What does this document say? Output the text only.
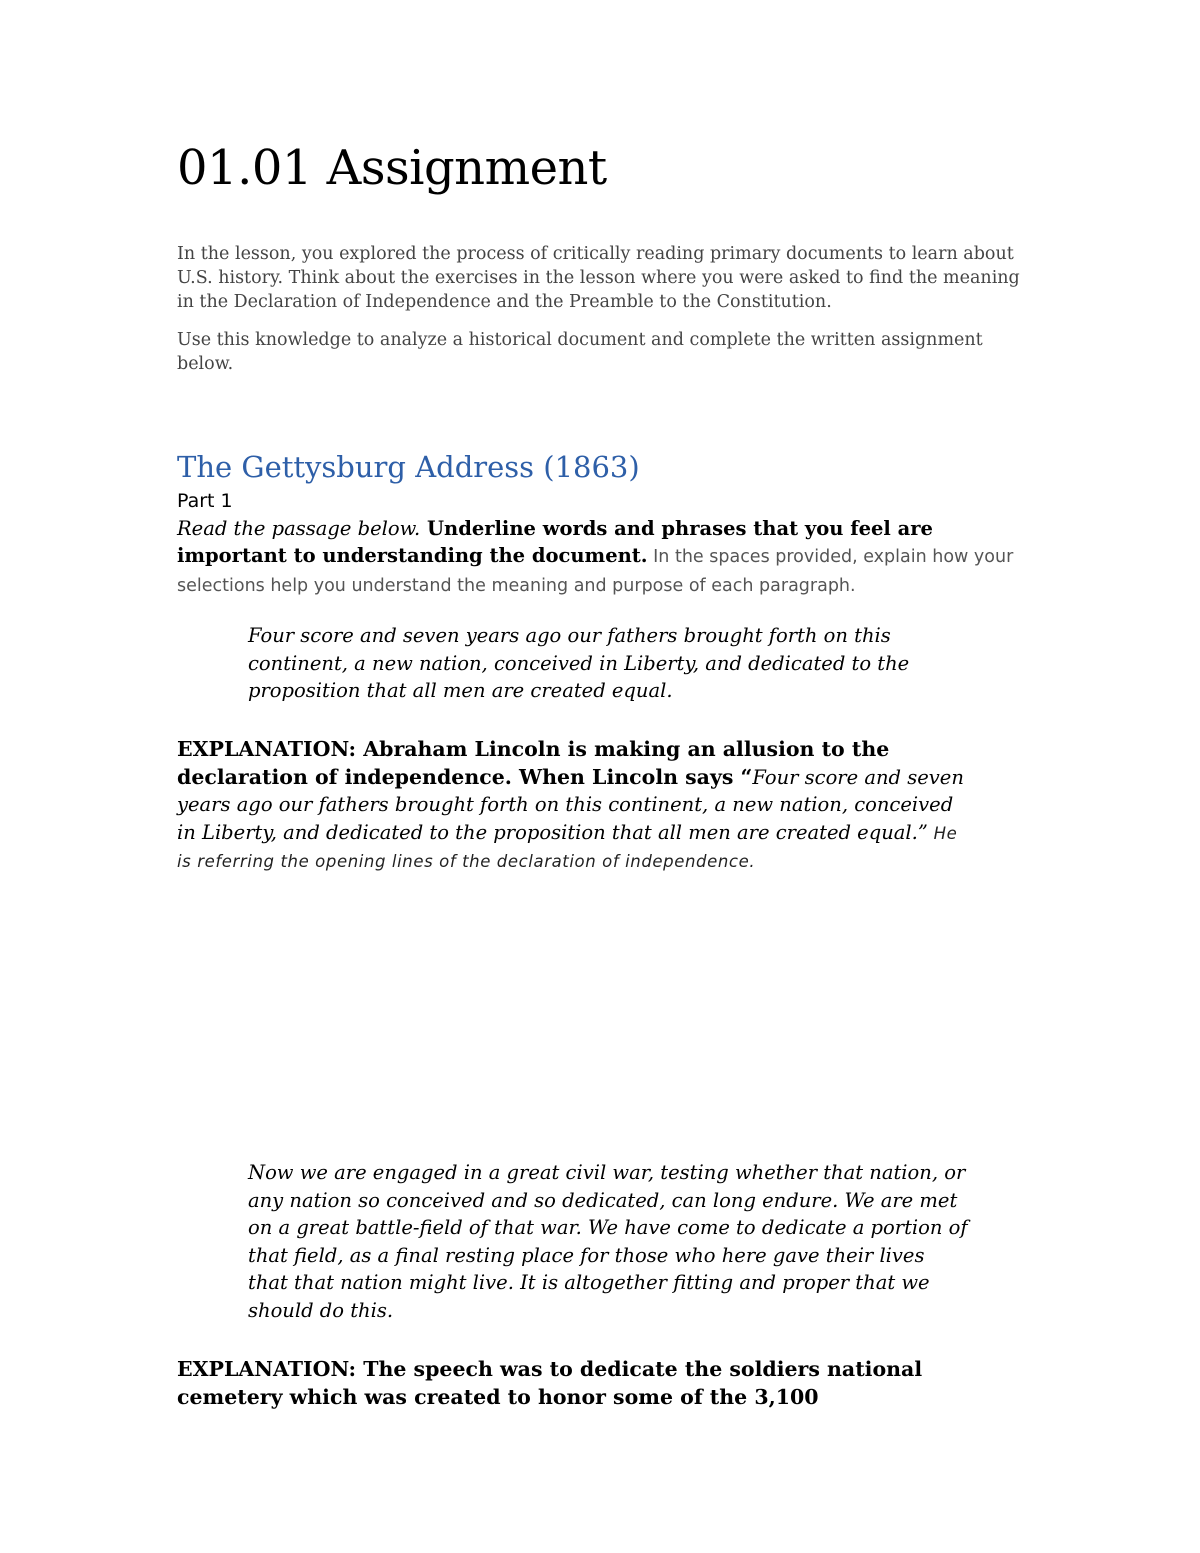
01.01 Assignment

In the lesson, you explored the process of critically reading primary documents to learn about U.S. history. Think about the exercises in the lesson where you were asked to find the meaning in the Declaration of Independence and the Preamble to the Constitution.

Use this knowledge to analyze a historical document and complete the written assignment below.

The Gettysburg Address (1863)
Part 1

Read the passage below. Underline words and phrases that you feel are important to understanding the document. In the spaces provided, explain how your selections help you understand the meaning and purpose of each paragraph.

Four score and seven years ago our fathers brought forth on this continent, a new nation, conceived in Liberty, and dedicated to the proposition that all men are created equal.

EXPLANATION: Abraham Lincoln is making an allusion to the declaration of independence. When Lincoln says “Four score and seven years ago our fathers brought forth on this continent, a new nation, conceived in Liberty, and dedicated to the proposition that all men are created equal.” He is referring the opening lines of the declaration of independence.

Now we are engaged in a great civil war, testing whether that nation, or any nation so conceived and so dedicated, can long endure. We are met on a great battle-field of that war. We have come to dedicate a portion of that field, as a final resting place for those who here gave their lives that that nation might live. It is altogether fitting and proper that we should do this.

EXPLANATION: The speech was to dedicate the soldiers national cemetery which was created to honor some of the 3,100
